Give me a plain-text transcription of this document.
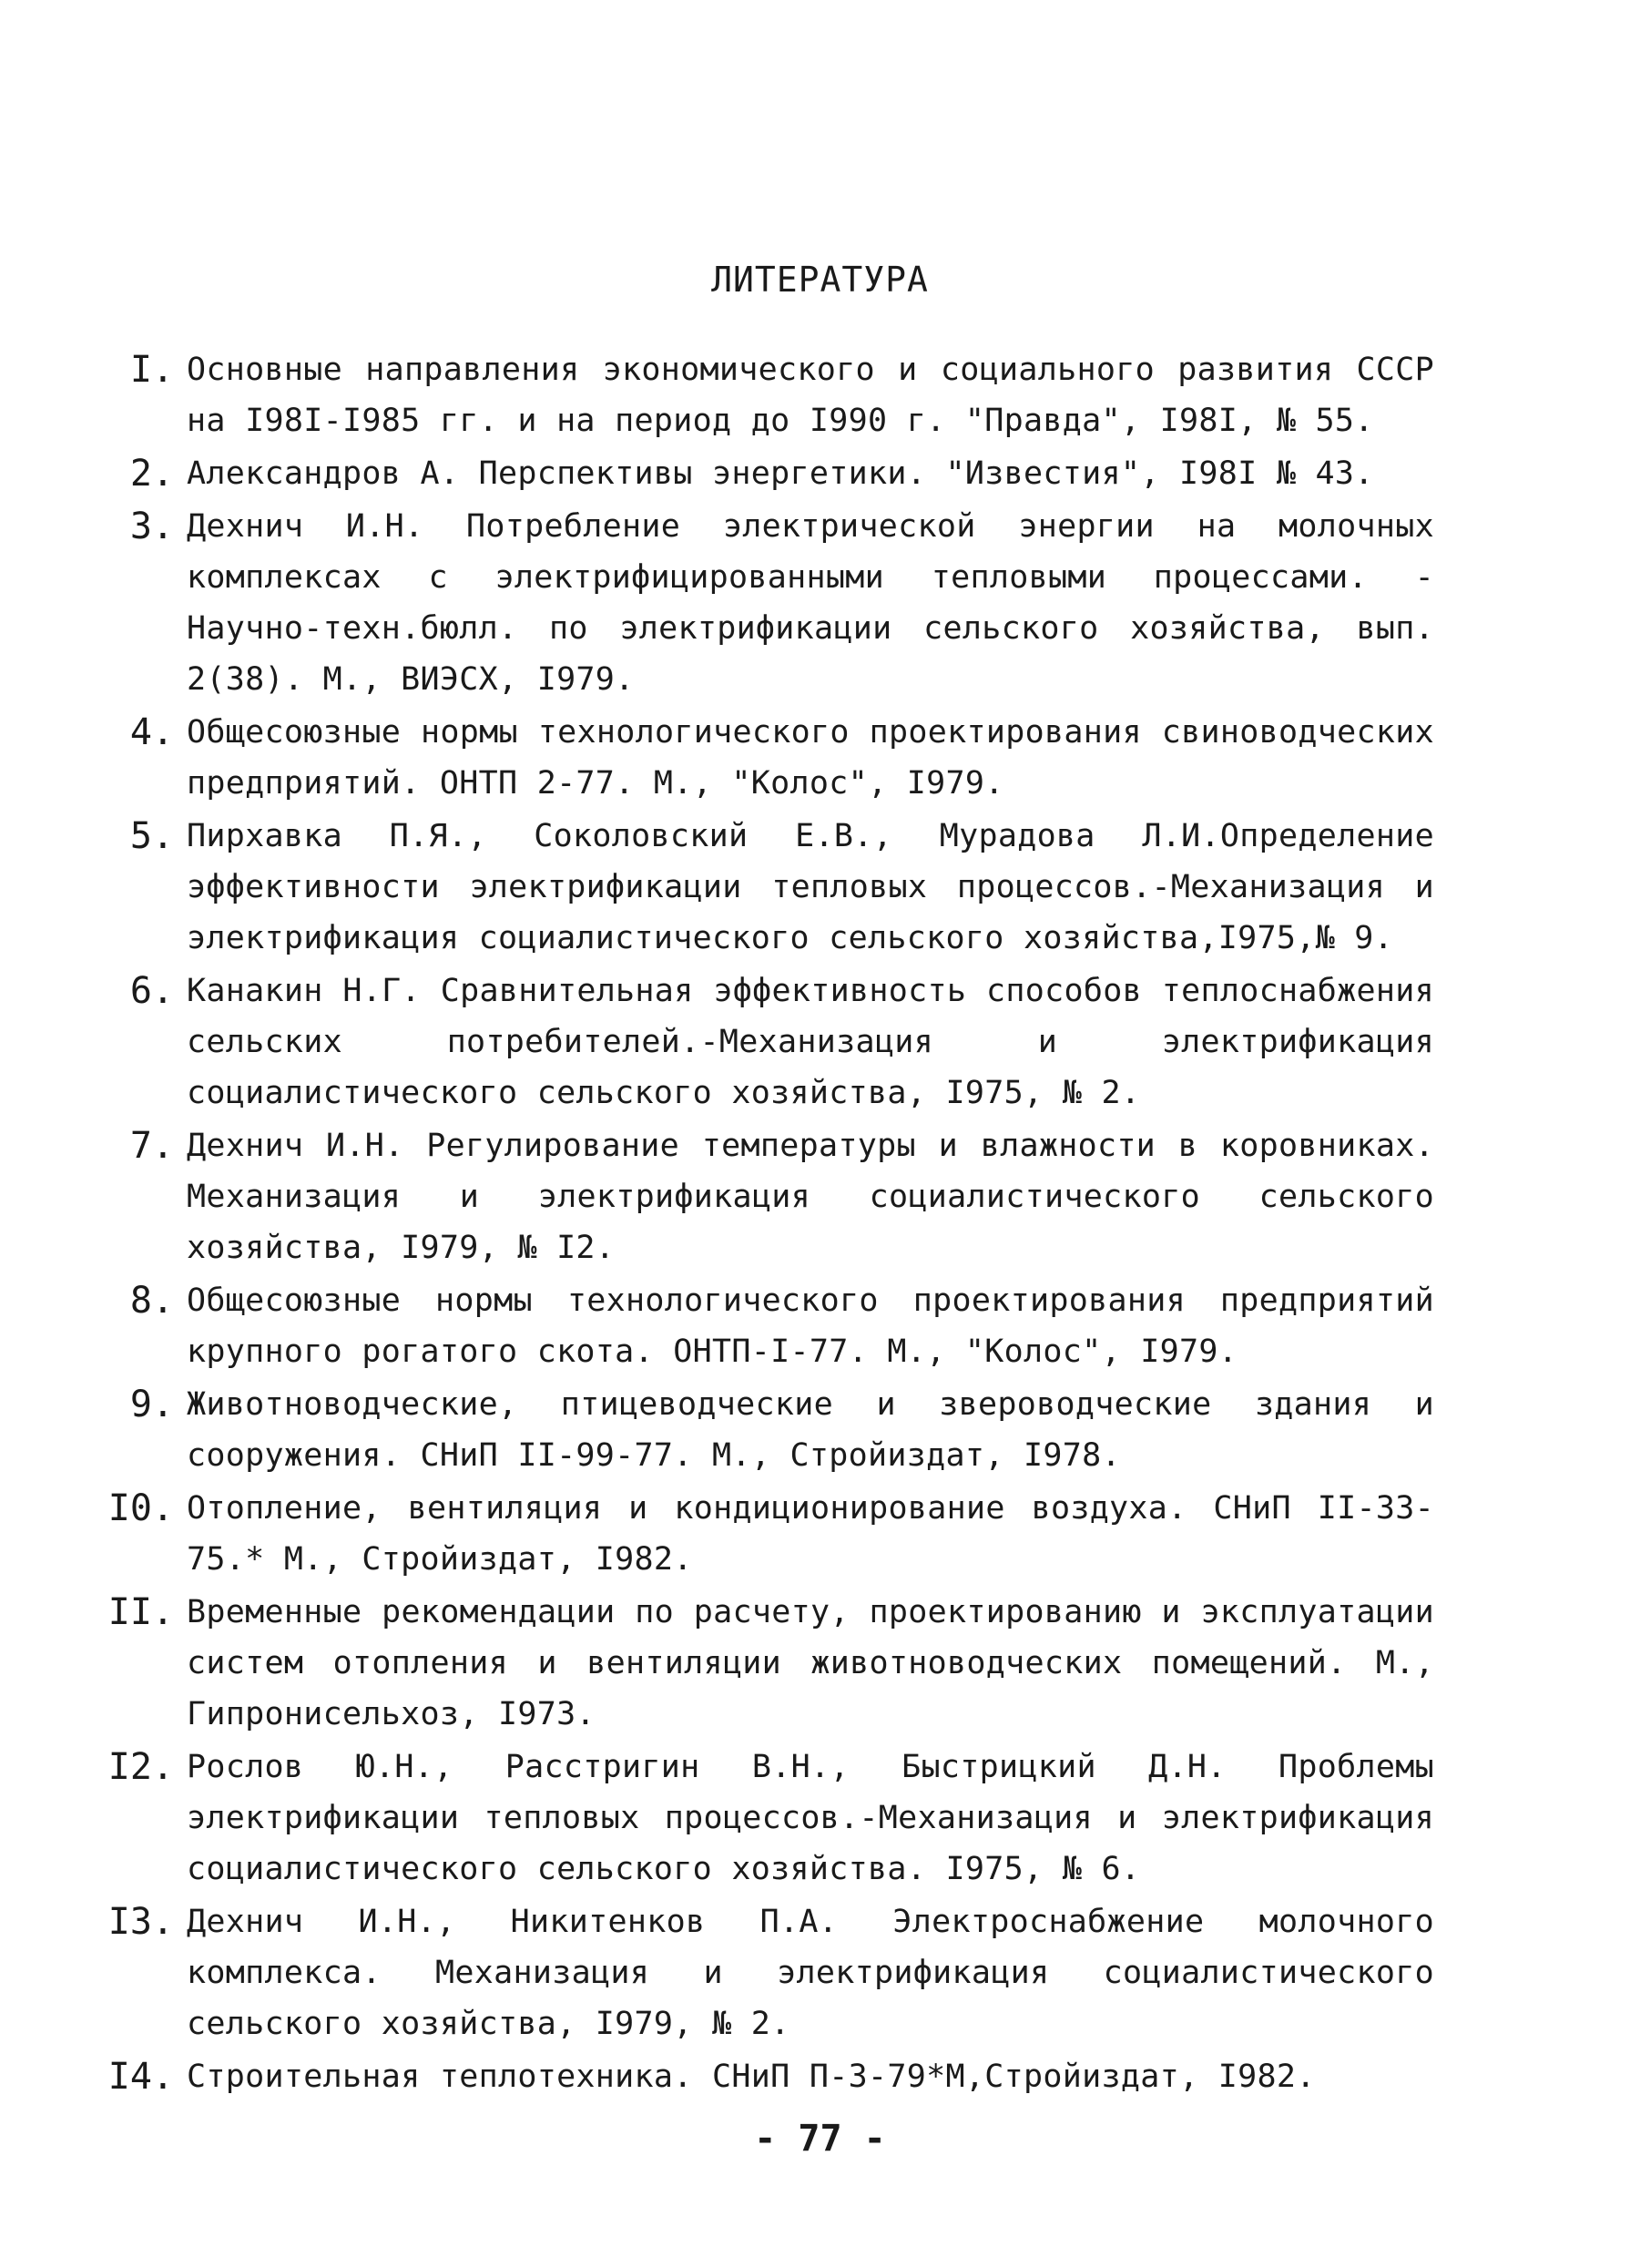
ЛИТЕРАТУРА
I. Основные направления экономического и социального развития СССР на I98I-I985 гг. и на период до I990 г. "Правда", I98I, № 55.
2. Александров А. Перспективы энергетики. "Известия", I98I № 43.
3. Дехнич И.Н. Потребление электрической энергии на молочных комплексах с электрифицированными тепловыми процессами. - Научно-техн.бюлл. по электрификации сельского хозяйства, вып. 2(38). М., ВИЭСХ, I979.
4. Общесоюзные нормы технологического проектирования свиноводческих предприятий. ОНТП 2-77. М., "Колос", I979.
5. Пирхавка П.Я., Соколовский Е.В., Мурадова Л.И.Определение эффективности электрификации тепловых процессов.-Механизация и электрификация социалистического сельского хозяйства,I975,№ 9.
6. Канакин Н.Г. Сравнительная эффективность способов теплоснабжения сельских потребителей.-Механизация и электрификация социалистического сельского хозяйства, I975, № 2.
7. Дехнич И.Н. Регулирование температуры и влажности в коровниках. Механизация и электрификация социалистического сельского хозяйства, I979, № I2.
8. Общесоюзные нормы технологического проектирования предприятий крупного рогатого скота. ОНТП-I-77. М., "Колос", I979.
9. Животноводческие, птицеводческие и звероводческие здания и сооружения. СНиП II-99-77. М., Стройиздат, I978.
I0. Отопление, вентиляция и кондиционирование воздуха. СНиП II-33-75.* М., Стройиздат, I982.
II. Временные рекомендации по расчету, проектированию и эксплуатации систем отопления и вентиляции животноводческих помещений. М., Гипронисельхоз, I973.
I2. Рослов Ю.Н., Расстригин В.Н., Быстрицкий Д.Н. Проблемы электрификации тепловых процессов.-Механизация и электрификация социалистического сельского хозяйства. I975, № 6.
I3. Дехнич И.Н., Никитенков П.А. Электроснабжение молочного комплекса. Механизация и электрификация социалистического сельского хозяйства, I979, № 2.
I4. Строительная теплотехника. СНиП П-3-79*М,Стройиздат, I982.
- 77 -
